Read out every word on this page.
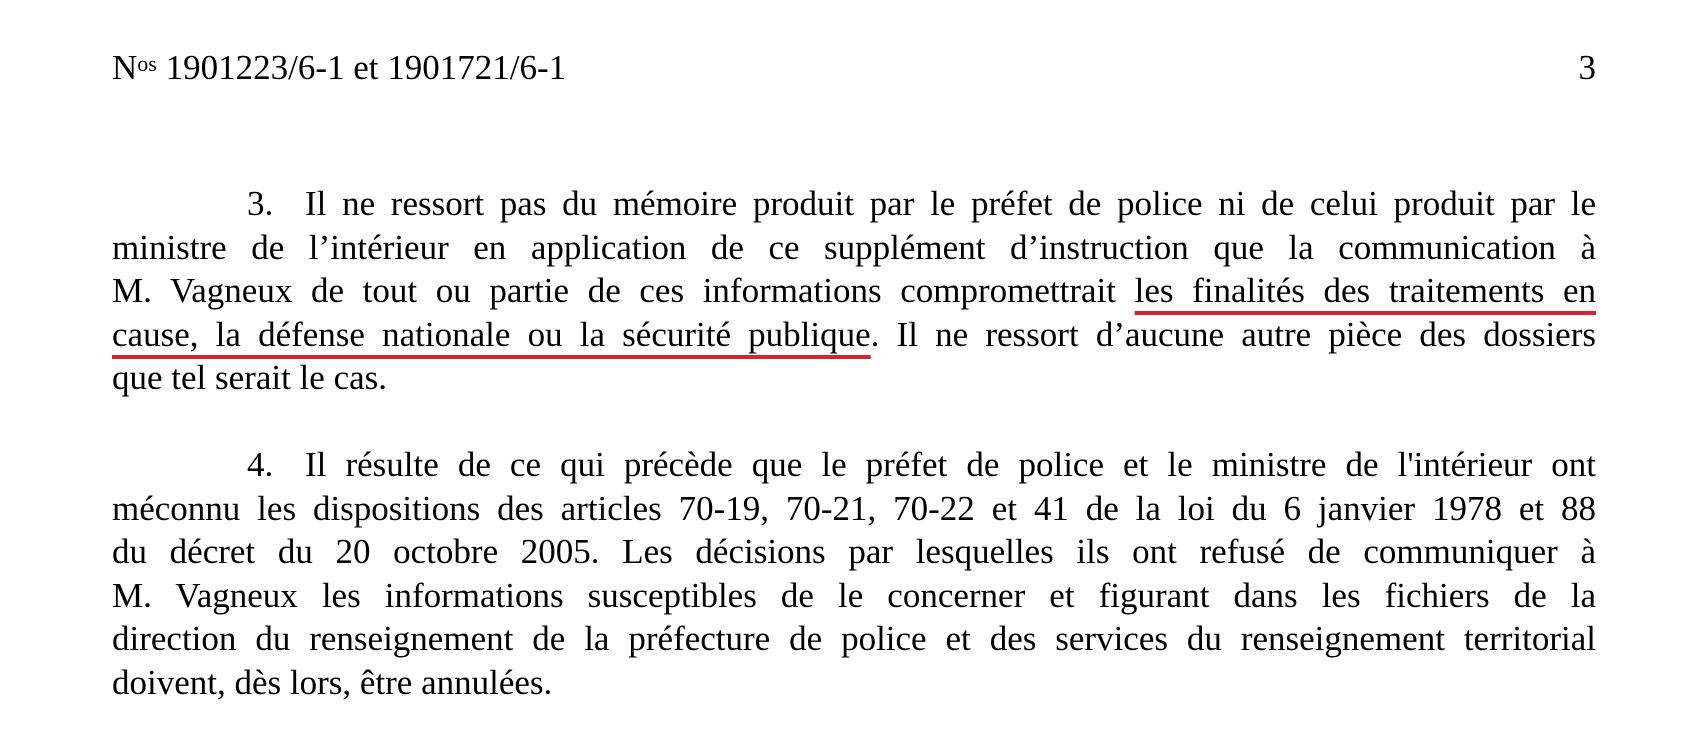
$N^{os}$ 1901223/6-1 et 1901721/6-1	3
3. Il ne ressort pas du mémoire produit par le préfet de police ni de celui produit par le
ministre de l’intérieur en application de ce supplément d’instruction que la communication à
M. Vagneux de tout ou partie de ces informations compromettrait les finalités des traitements en
cause, la défense nationale ou la sécurité publique. Il ne ressort d’aucune autre pièce des dossiers
que tel serait le cas.
4. Il résulte de ce qui précède que le préfet de police et le ministre de l'intérieur ont
méconnu les dispositions des articles 70-19, 70-21, 70-22 et 41 de la loi du 6 janvier 1978 et 88
du décret du 20 octobre 2005. Les décisions par lesquelles ils ont refusé de communiquer à
M. Vagneux les informations susceptibles de le concerner et figurant dans les fichiers de la
direction du renseignement de la préfecture de police et des services du renseignement territorial
doivent, dès lors, être annulées.
